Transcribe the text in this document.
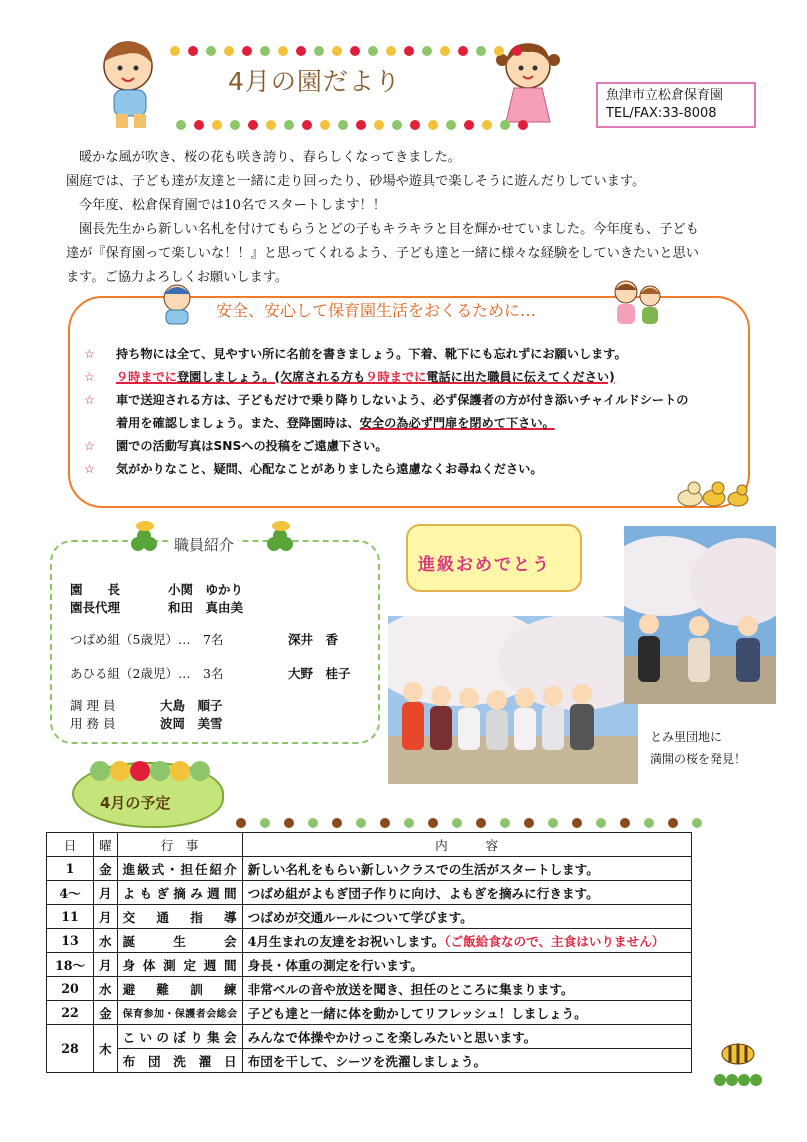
4月の園だより	魚津市立松倉保育園
TEL/FAX:33-8008

暖かな風が吹き、桜の花も咲き誇り、春らしくなってきました。

園庭では、子ども達が友達と一緒に走り回ったり、砂場や遊具で楽しそうに遊んだりしています。

今年度、松倉保育園では10名でスタートします！！

園長先生から新しい名札を付けてもらうとどの子もキラキラと目を輝かせていました。今年度も、子ども

達が『保育園って楽しいな！！』と思ってくれるよう、子ども達と一緒に様々な経験をしていきたいと思い

ます。ご協力よろしくお願いします。

安全、安心して保育園生活をおくるために…
☆	持ち物には全て、見やすい所に名前を書きましょう。下着、靴下にも忘れずにお願いします。
☆	９時までに登園しましょう。(欠席される方も９時までに電話に出た職員に伝えてください)
☆	車で送迎される方は、子どもだけで乗り降りしないよう、必ず保護者の方が付き添いチャイルドシートの
着用を確認しましょう。また、登降園時は、安全の為必ず門扉を閉めて下さい。
☆	園での活動写真はSNSへの投稿をご遠慮下さい。
☆	気がかりなこと、疑問、心配なことがありましたら遠慮なくお尋ねください。
職員紹介
園　　長	小関　ゆかり
園長代理	和田　真由美
つばめ組（5歳児）…　7名	深井　香
あひる組（2歳児）…　3名	大野　桂子
調 理 員	大島　順子
用 務 員	波岡　美雪
進級おめでとう
とみ里団地に
満開の桜を発見！
4月の予定
日	曜	行　事	内　　　容
1	金	進級式・担任紹介	新しい名札をもらい新しいクラスでの生活がスタートします。
4～	月	よもぎ摘み週間	つばめ組がよもぎ団子作りに向け、よもぎを摘みに行きます。
11	月	交通指導	つばめが交通ルールについて学びます。
13	水	誕生会	4月生まれの友達をお祝いします。（ご飯給食なので、主食はいりません）
18～	月	身体測定週間	身長・体重の測定を行います。
20	水	避難訓練	非常ベルの音や放送を聞き、担任のところに集まります。
22	金	保育参加・保護者会総会	子ども達と一緒に体を動かしてリフレッシュ！しましょう。
28	木	こいのぼり集会	みんなで体操やかけっこを楽しみたいと思います。
		布団洗濯日	布団を干して、シーツを洗濯しましょう。
